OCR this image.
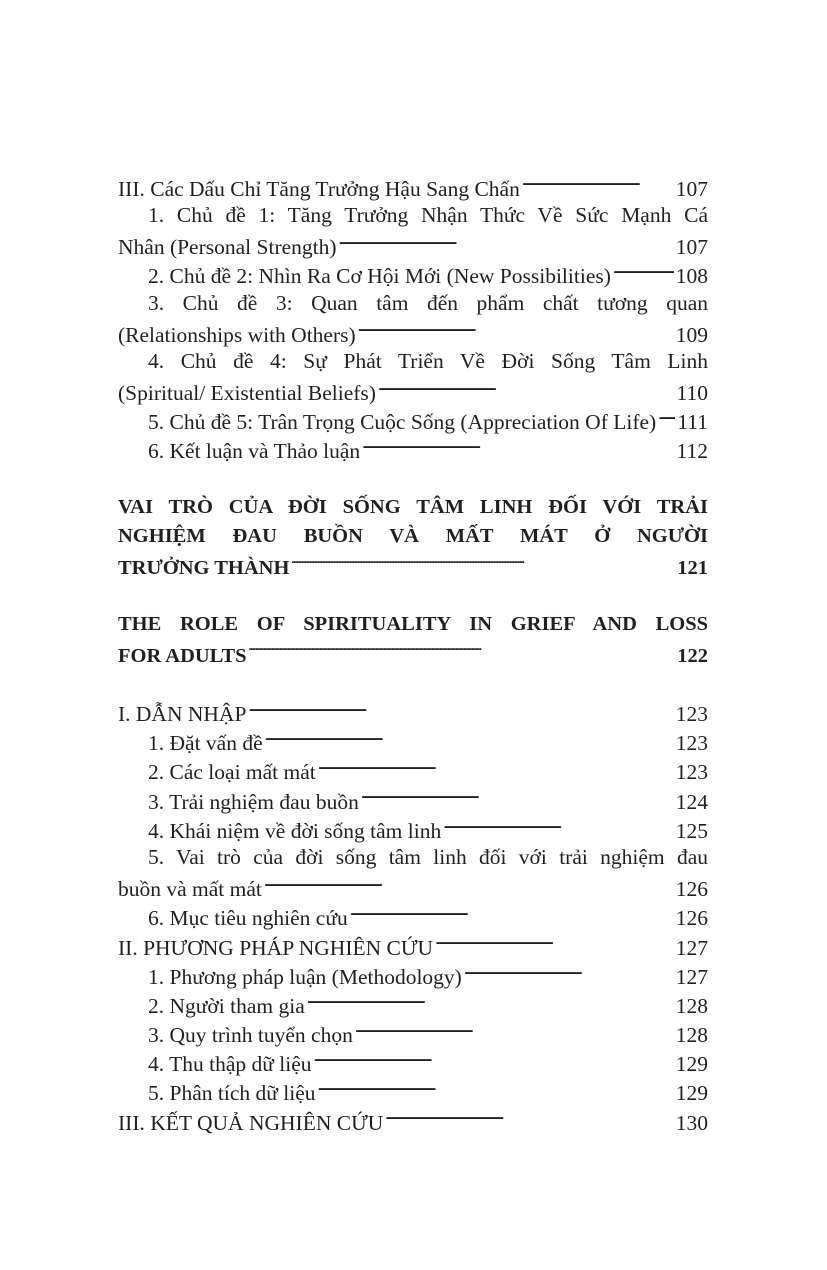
III. Các Dấu Chỉ Tăng Trưởng Hậu Sang Chấn . . .	107
1. Chủ đề 1: Tăng Trưởng Nhận Thức Về Sức Mạnh Cá
Nhân (Personal Strength) . . .	107
2. Chủ đề 2: Nhìn Ra Cơ Hội Mới (New Possibilities) . . .	108
3. Chủ đề 3: Quan tâm đến phẩm chất tương quan
(Relationships with Others) . . .	109
4. Chủ đề 4: Sự Phát Triển Về Đời Sống Tâm Linh
(Spiritual/ Existential Beliefs) . . .	110
5. Chủ đề 5: Trân Trọng Cuộc Sống (Appreciation Of Life) . . . 111
6. Kết luận và Thảo luận . . .	112
VAI TRÒ CỦA ĐỜI SỐNG TÂM LINH ĐỐI VỚI TRẢI
NGHIỆM ĐAU BUỒN VÀ MẤT MÁT Ở NGƯỜI
TRƯỞNG THÀNH . . .	121
THE ROLE OF SPIRITUALITY IN GRIEF AND LOSS
FOR ADULTS . . .	122
I. DẪN NHẬP . . .	123
1. Đặt vấn đề . . .	123
2. Các loại mất mát . . .	123
3. Trải nghiệm đau buồn . . .	124
4. Khái niệm về đời sống tâm linh . . .	125
5. Vai trò của đời sống tâm linh đối với trải nghiệm đau
buồn và mất mát . . .	126
6. Mục tiêu nghiên cứu . . .	126
II. PHƯƠNG PHÁP NGHIÊN CỨU . . .	127
1. Phương pháp luận (Methodology) . . .	127
2. Người tham gia . . .	128
3. Quy trình tuyển chọn . . .	128
4. Thu thập dữ liệu . . .	129
5. Phân tích dữ liệu . . .	129
III. KẾT QUẢ NGHIÊN CỨU . . .	130
